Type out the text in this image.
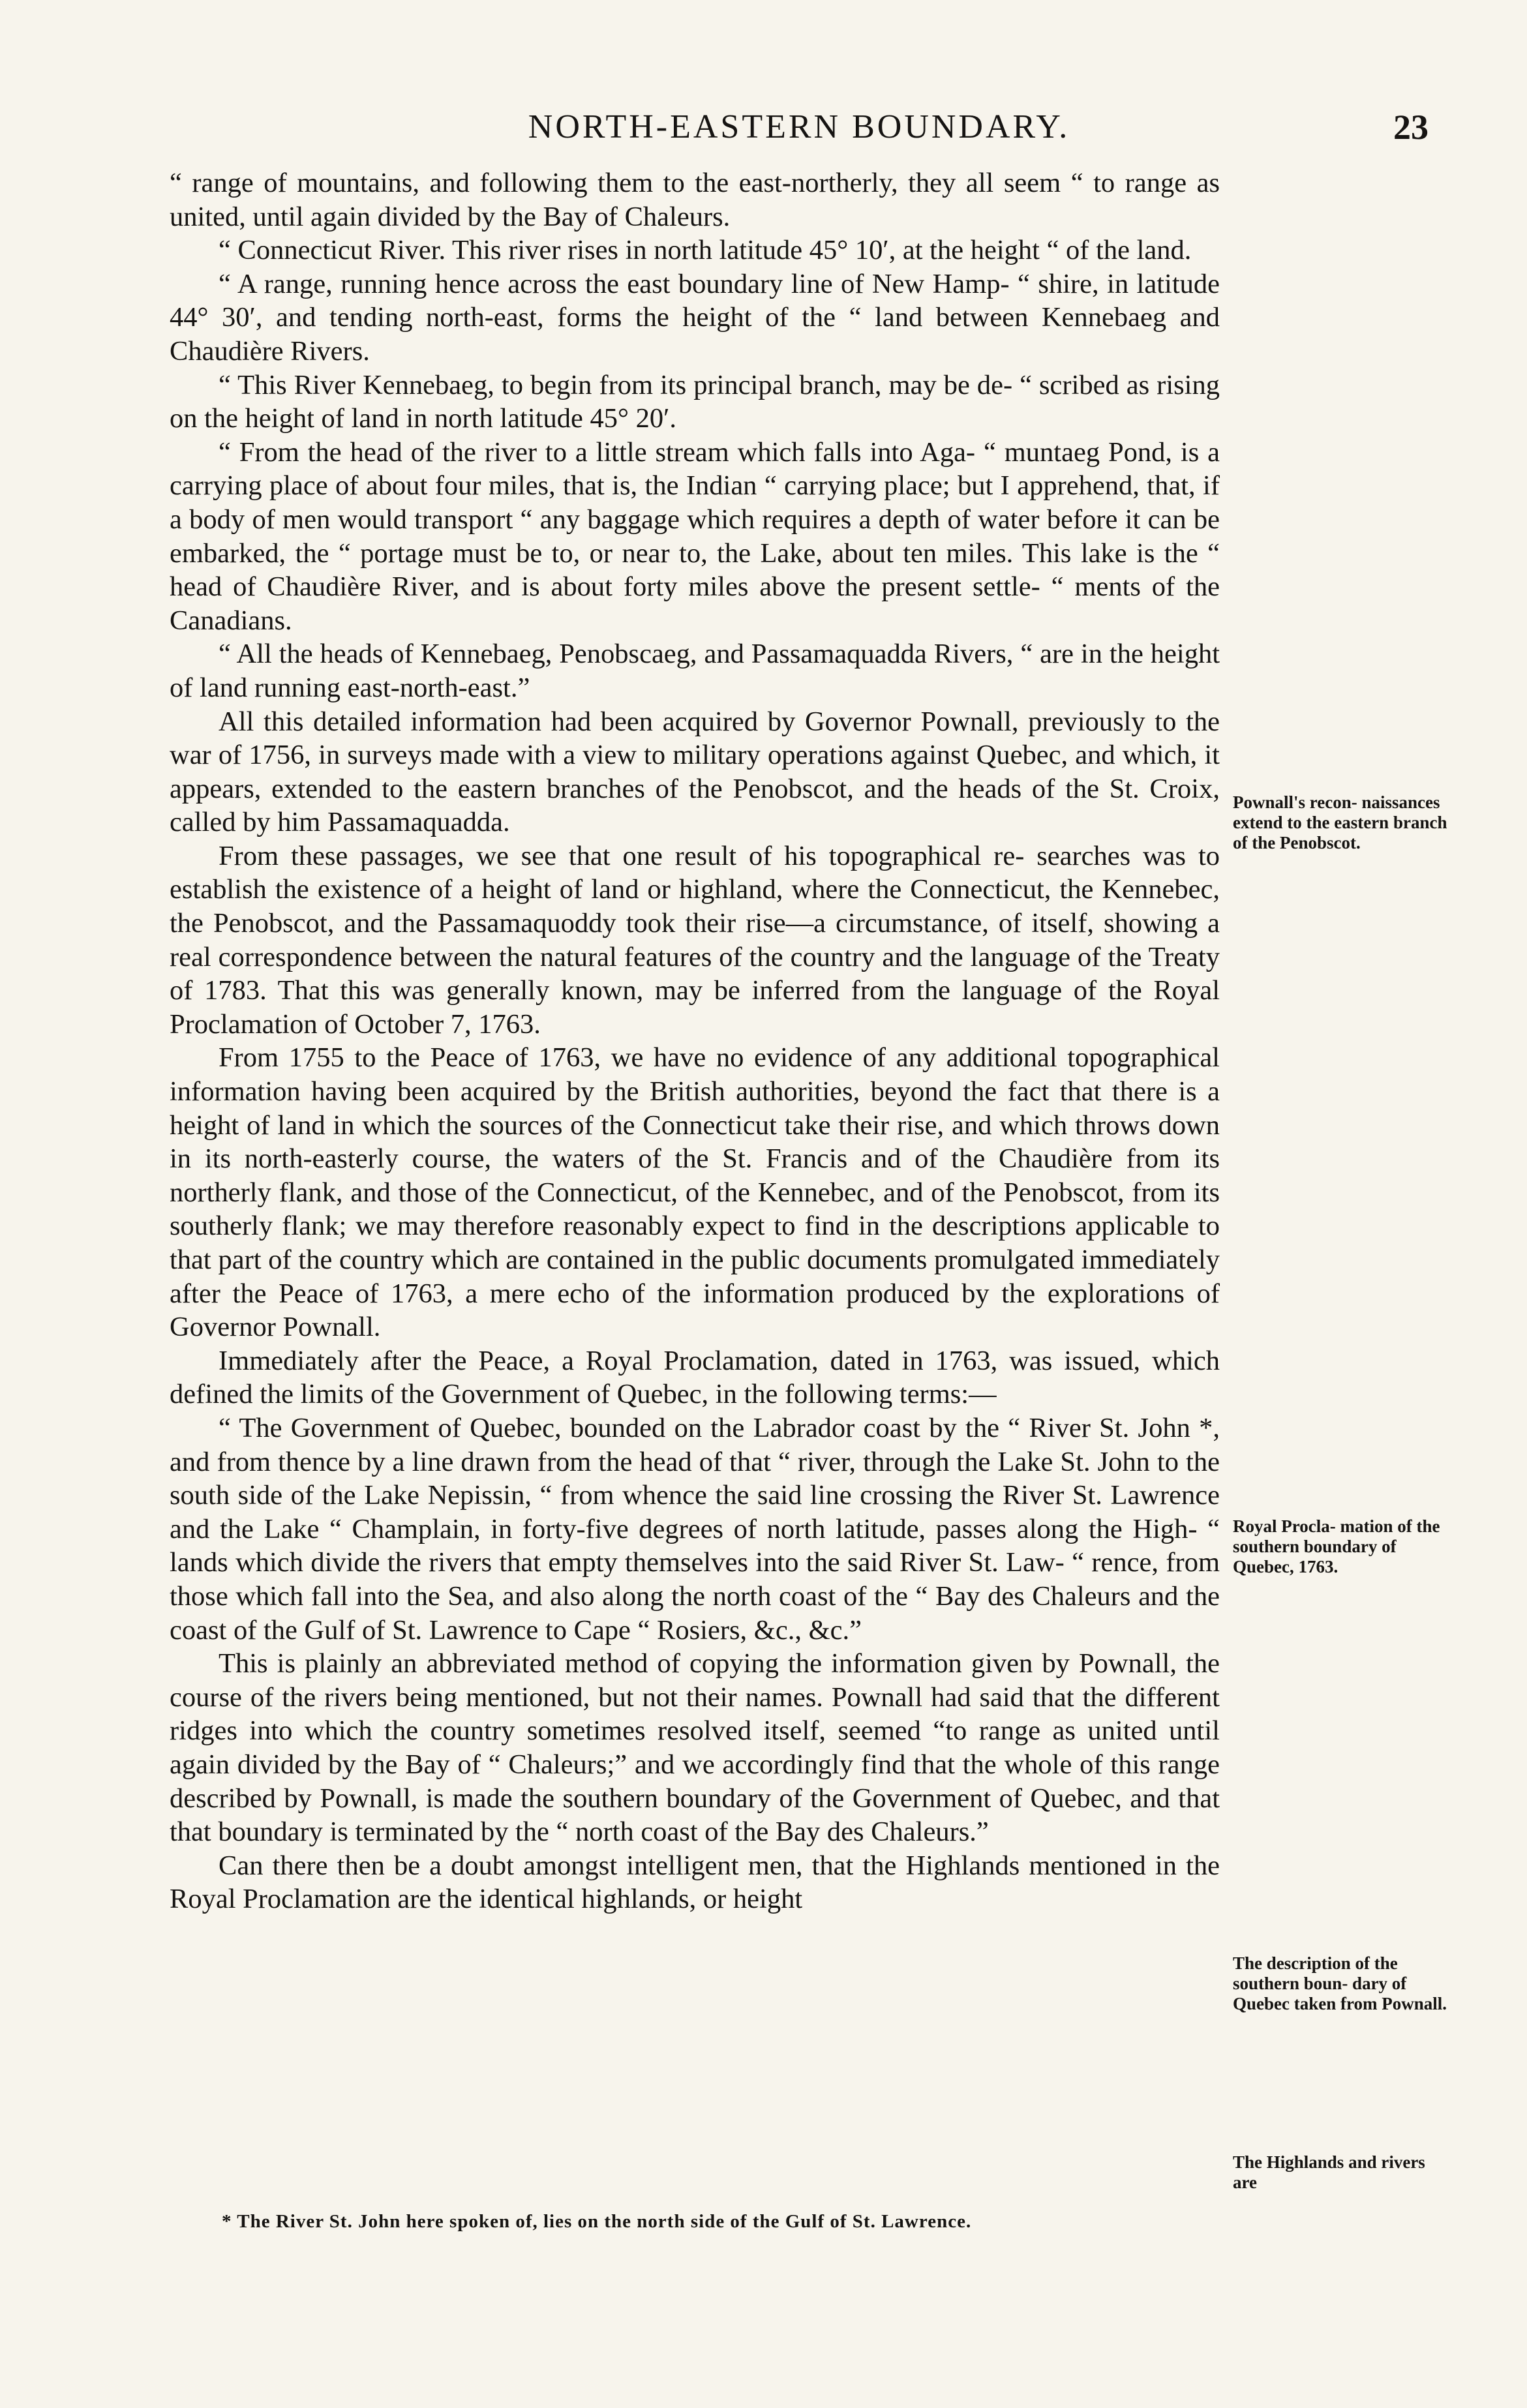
NORTH-EASTERN BOUNDARY.	23

“ range of mountains, and following them to the east-northerly, they all seem “ to range as united, until again divided by the Bay of Chaleurs.

“ Connecticut River. This river rises in north latitude 45° 10′, at the height “ of the land.

“ A range, running hence across the east boundary line of New Hamp- “ shire, in latitude 44° 30′, and tending north-east, forms the height of the “ land between Kennebaeg and Chaudière Rivers.

“ This River Kennebaeg, to begin from its principal branch, may be de- “ scribed as rising on the height of land in north latitude 45° 20′.

“ From the head of the river to a little stream which falls into Aga- “ muntaeg Pond, is a carrying place of about four miles, that is, the Indian “ carrying place; but I apprehend, that, if a body of men would transport “ any baggage which requires a depth of water before it can be embarked, the “ portage must be to, or near to, the Lake, about ten miles. This lake is the “ head of Chaudière River, and is about forty miles above the present settle- “ ments of the Canadians.

“ All the heads of Kennebaeg, Penobscaeg, and Passamaquadda Rivers, “ are in the height of land running east-north-east.”

All this detailed information had been acquired by Governor Pownall, previously to the war of 1756, in surveys made with a view to military operations against Quebec, and which, it appears, extended to the eastern branches of the Penobscot, and the heads of the St. Croix, called by him Passamaquadda.

From these passages, we see that one result of his topographical re- searches was to establish the existence of a height of land or highland, where the Connecticut, the Kennebec, the Penobscot, and the Passamaquoddy took their rise—a circumstance, of itself, showing a real correspondence between the natural features of the country and the language of the Treaty of 1783. That this was generally known, may be inferred from the language of the Royal Proclamation of October 7, 1763.

From 1755 to the Peace of 1763, we have no evidence of any additional topographical information having been acquired by the British authorities, beyond the fact that there is a height of land in which the sources of the Connecticut take their rise, and which throws down in its north-easterly course, the waters of the St. Francis and of the Chaudière from its northerly flank, and those of the Connecticut, of the Kennebec, and of the Penobscot, from its southerly flank; we may therefore reasonably expect to find in the descriptions applicable to that part of the country which are contained in the public documents promulgated immediately after the Peace of 1763, a mere echo of the information produced by the explorations of Governor Pownall.

Immediately after the Peace, a Royal Proclamation, dated in 1763, was issued, which defined the limits of the Government of Quebec, in the following terms:—

“ The Government of Quebec, bounded on the Labrador coast by the “ River St. John *, and from thence by a line drawn from the head of that “ river, through the Lake St. John to the south side of the Lake Nepissin, “ from whence the said line crossing the River St. Lawrence and the Lake “ Champlain, in forty-five degrees of north latitude, passes along the High- “ lands which divide the rivers that empty themselves into the said River St. Law- “ rence, from those which fall into the Sea, and also along the north coast of the “ Bay des Chaleurs and the coast of the Gulf of St. Lawrence to Cape “ Rosiers, &c., &c.”

This is plainly an abbreviated method of copying the information given by Pownall, the course of the rivers being mentioned, but not their names. Pownall had said that the different ridges into which the country sometimes resolved itself, seemed “to range as united until again divided by the Bay of “ Chaleurs;” and we accordingly find that the whole of this range described by Pownall, is made the southern boundary of the Government of Quebec, and that that boundary is terminated by the “ north coast of the Bay des Chaleurs.”

Can there then be a doubt amongst intelligent men, that the Highlands mentioned in the Royal Proclamation are the identical highlands, or height

Pownall's recon- naissances extend to the eastern branch of the Penobscot.
Royal Procla- mation of the southern boundary of Quebec, 1763.
The description of the southern boun- dary of Quebec taken from Pownall.
The Highlands and rivers are
* The River St. John here spoken of, lies on the north side of the Gulf of St. Lawrence.
